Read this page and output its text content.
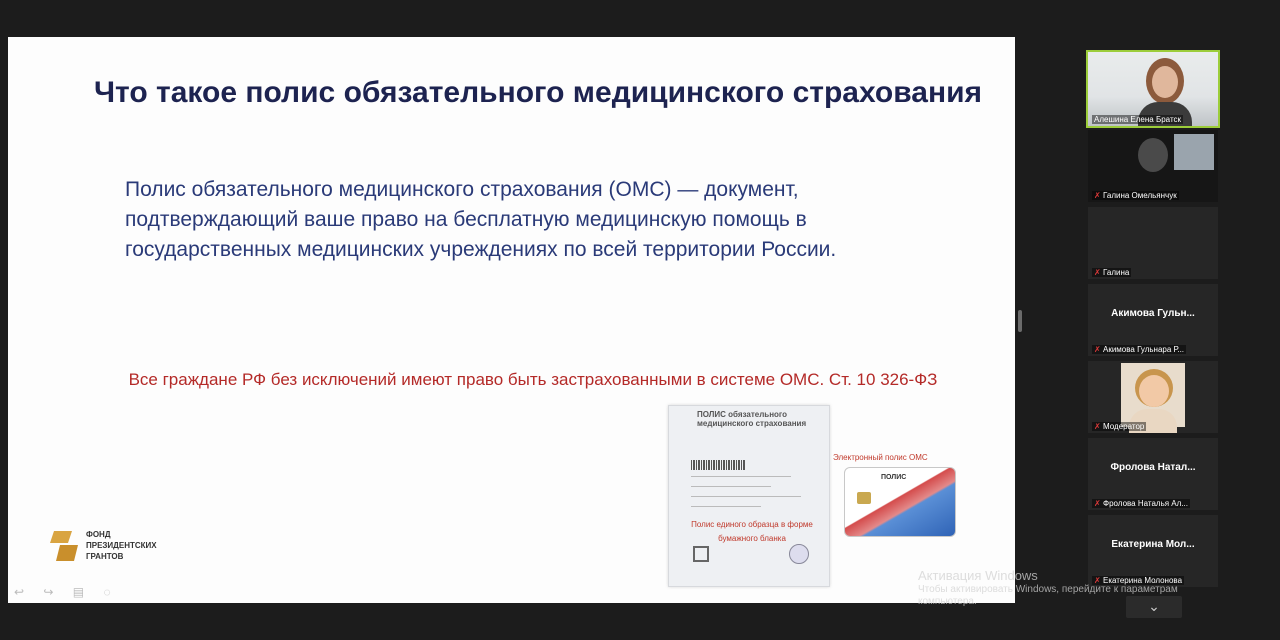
Что такое полис обязательного медицинского страхования
Полис обязательного медицинского страхования (ОМС) — документ, подтверждающий ваше право на бесплатную медицинскую помощь в государственных медицинских учреждениях по всей территории России.
Все граждане РФ без исключений имеют право быть застрахованными в системе ОМС. Ст. 10 326-ФЗ
ПОЛИС обязательного медицинского страхования
Полис единого образца в форме бумажного бланка
Электронный полис ОМС
ПОЛИС
ФОНД
ПРЕЗИДЕНТСКИХ
ГРАНТОВ
↩ ↪ ▤ ◌
Алешина Елена Братск
✗ Галина Омельянчук
✗ Галина
Акимова Гульн...
✗ Акимова Гульнара Р...
✗ Модератор
Фролова Натал...
✗ Фролова Наталья Ал...
Екатерина Мол...
✗ Екатерина Молонова
⌄
Активация Windows
Чтобы активировать Windows, перейдите к параметрам компьютера.
